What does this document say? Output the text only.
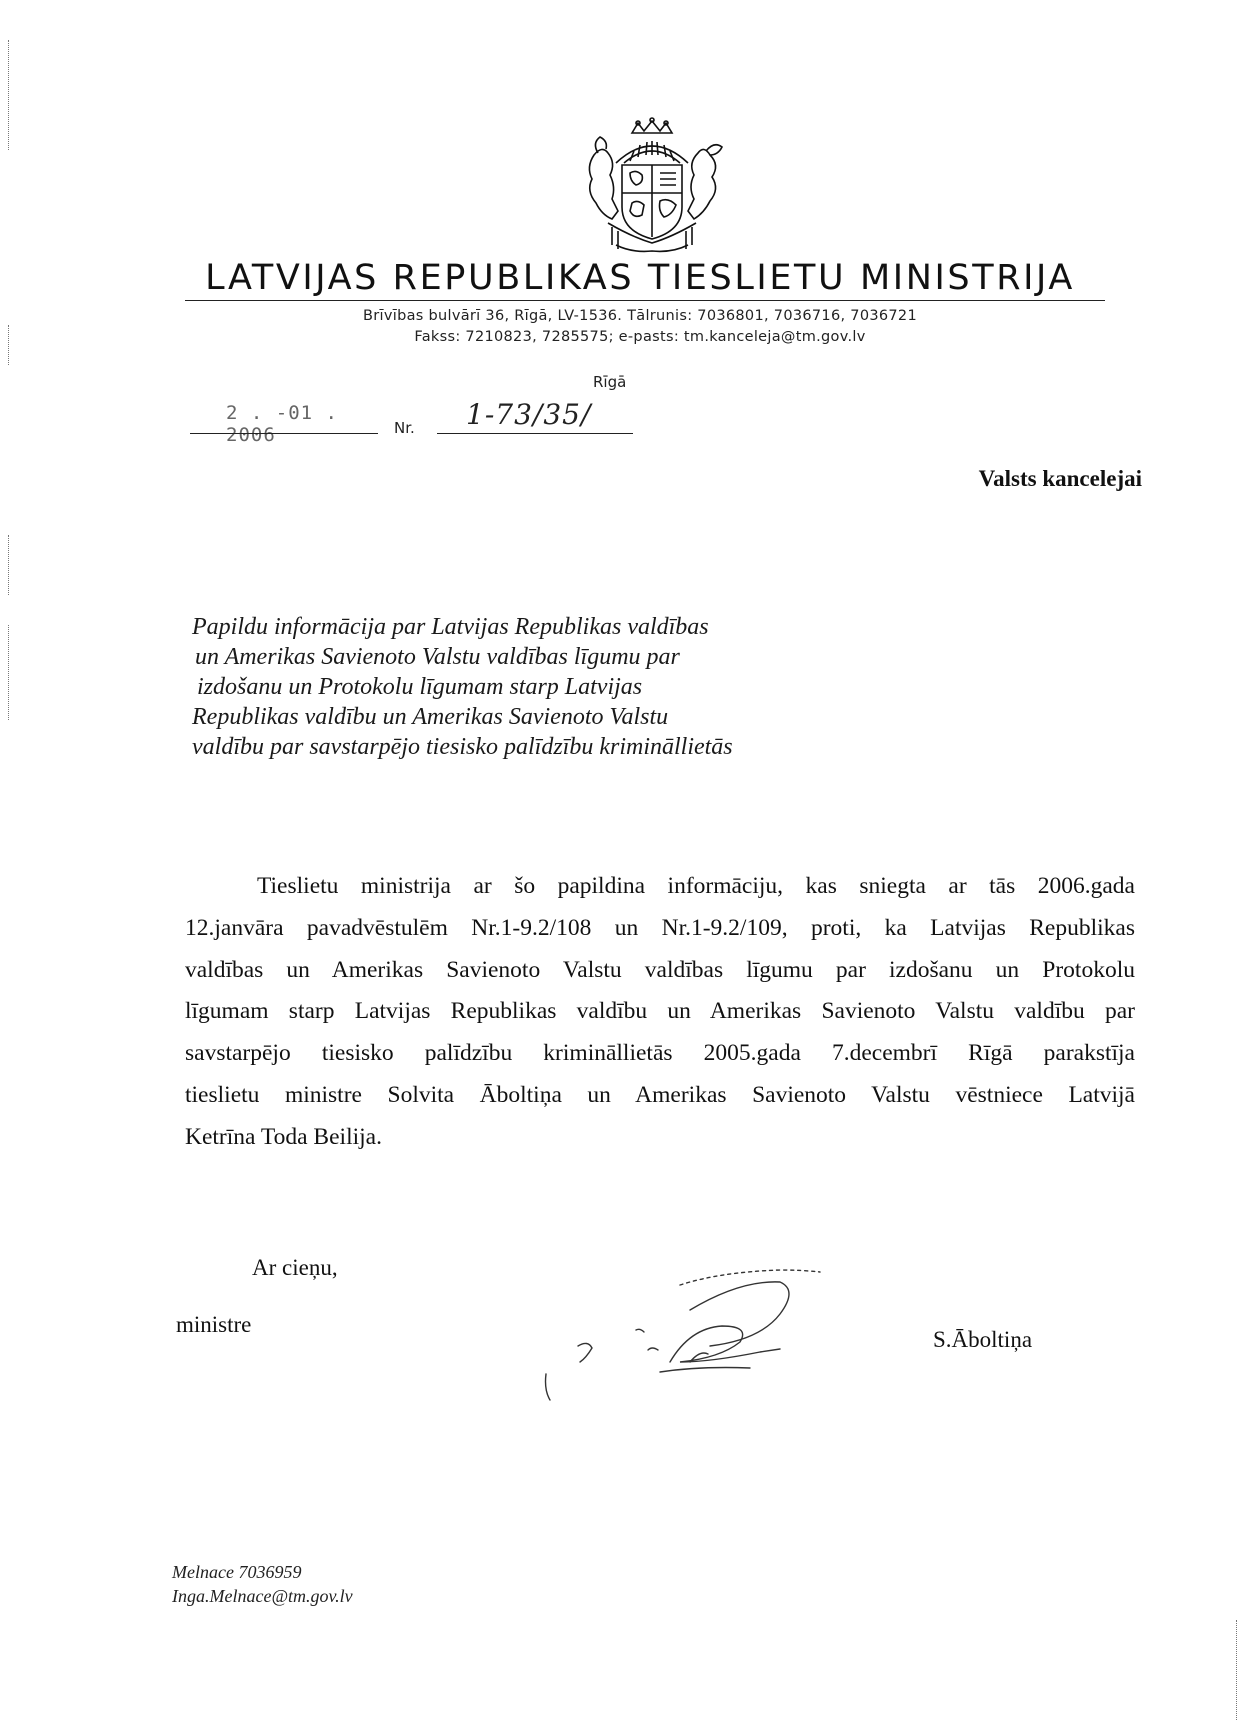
LATVIJAS REPUBLIKAS TIESLIETU MINISTRIJA
Brīvības bulvārī 36, Rīgā, LV-1536. Tālrunis: 7036801, 7036716, 7036721
Fakss: 7210823, 7285575; e-pasts: tm.kanceleja@tm.gov.lv
Rīgā
2 . -01 . 2006	Nr. 1-73/35/

Valsts kancelejai

Papildu informācija par Latvijas Republikas valdības
un Amerikas Savienoto Valstu valdības līgumu par
izdošanu un Protokolu līgumam starp Latvijas
Republikas valdību un Amerikas Savienoto Valstu
valdību par savstarpējo tiesisko palīdzību krimināllietās
Tieslietu ministrija ar šo papildina informāciju, kas sniegta ar tās 2006.gada
12.janvāra pavadvēstulēm Nr.1-9.2/108 un Nr.1-9.2/109, proti, ka Latvijas Republikas
valdības un Amerikas Savienoto Valstu valdības līgumu par izdošanu un Protokolu
līgumam starp Latvijas Republikas valdību un Amerikas Savienoto Valstu valdību par
savstarpējo tiesisko palīdzību krimināllietās 2005.gada 7.decembrī Rīgā parakstīja
tieslietu ministre Solvita Āboltiņa un Amerikas Savienoto Valstu vēstniece Latvijā
Ketrīna Toda Beilija.

Ar cieņu,

ministre

S.Āboltiņa

Melnace 7036959
Inga.Melnace@tm.gov.lv
